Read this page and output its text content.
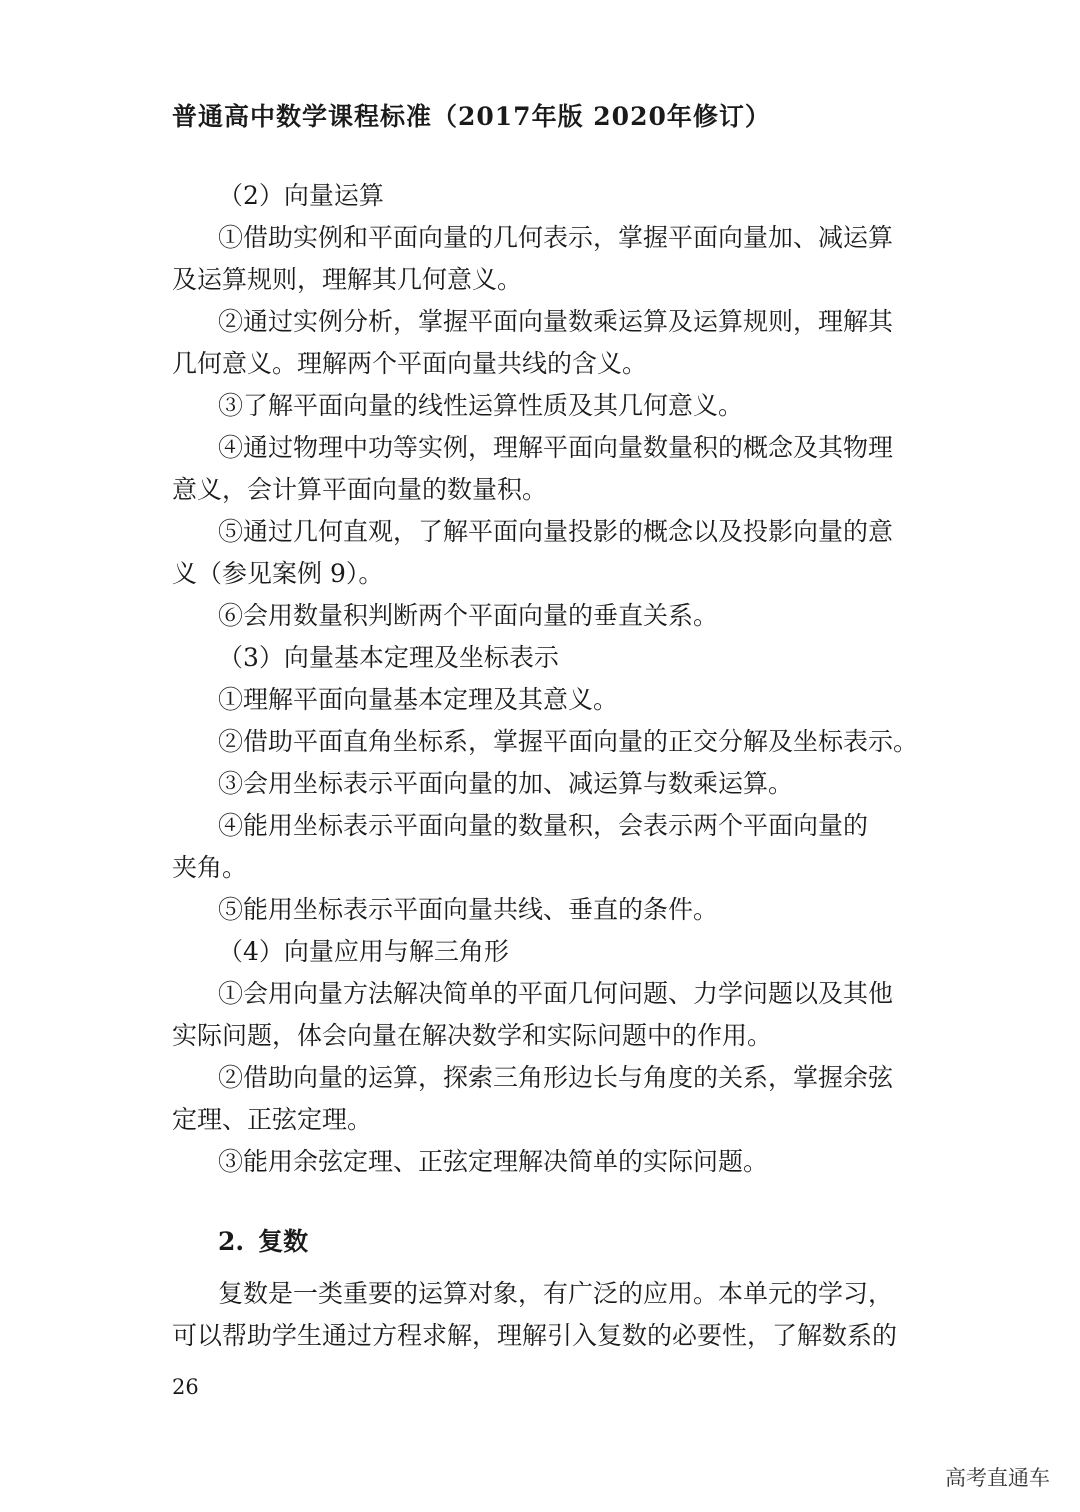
普通高中数学课程标准（2017年版 2020年修订）
（2）向量运算
①借助实例和平面向量的几何表示，掌握平面向量加、减运算
及运算规则，理解其几何意义。
②通过实例分析，掌握平面向量数乘运算及运算规则，理解其
几何意义。理解两个平面向量共线的含义。
③了解平面向量的线性运算性质及其几何意义。
④通过物理中功等实例，理解平面向量数量积的概念及其物理
意义，会计算平面向量的数量积。
⑤通过几何直观，了解平面向量投影的概念以及投影向量的意
义（参见案例 9）。
⑥会用数量积判断两个平面向量的垂直关系。
（3）向量基本定理及坐标表示
①理解平面向量基本定理及其意义。
②借助平面直角坐标系，掌握平面向量的正交分解及坐标表示。
③会用坐标表示平面向量的加、减运算与数乘运算。
④能用坐标表示平面向量的数量积，会表示两个平面向量的
夹角。
⑤能用坐标表示平面向量共线、垂直的条件。
（4）向量应用与解三角形
①会用向量方法解决简单的平面几何问题、力学问题以及其他
实际问题，体会向量在解决数学和实际问题中的作用。
②借助向量的运算，探索三角形边长与角度的关系，掌握余弦
定理、正弦定理。
③能用余弦定理、正弦定理解决简单的实际问题。
2. 复数
复数是一类重要的运算对象，有广泛的应用。本单元的学习，
可以帮助学生通过方程求解，理解引入复数的必要性，了解数系的
26
高考直通车
